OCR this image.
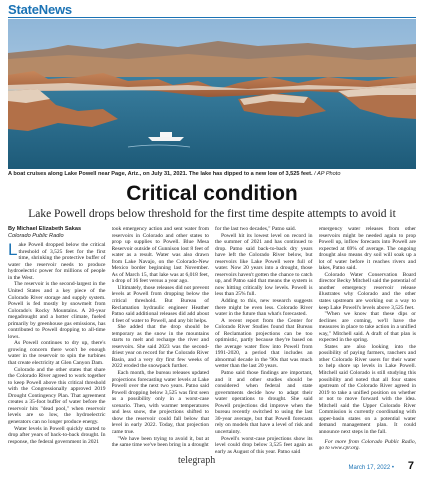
StateNews
A boat cruises along Lake Powell near Page, Ariz., on July 31, 2021. The lake has dipped to a new low of 3,525 feet. / AP Photo
Critical condition
Lake Powell drops below threshold for the first time despite attempts to avoid it
By Michael Elizabeth Sakas
Colorado Public Radio

Lake Powell dropped below the critical threshold of 3,525 feet for the first time, shrinking the protective buffer of water the reservoir needs to produce hydroelectric power for millions of people in the West.

The reservoir is the second-largest in the United States and a key piece of the Colorado River storage and supply system. Powell is fed mostly by snowmelt from Colorado's Rocky Mountains. A 20-year megadrought and a hotter climate, fueled primarily by greenhouse gas emissions, has contributed to Powell dropping to all-time lows.

As Powell continues to dry up, there's growing concern there won't be enough water in the reservoir to spin the turbines that create electricity at Glen Canyon Dam.

Colorado and the other states that share the Colorado River agreed to work together to keep Powell above this critical threshold with the Congressionally approved 2019 Drought Contingency Plan. That agreement creates a 35-foot buffer of water before the reservoir hits "dead pool," when reservoir levels are so low, the hydroelectric generators can no longer produce energy.

Water levels in Powell quickly started to drop after years of back-to-back drought. In response, the federal government in 2021

took emergency action and sent water from reservoirs in Colorado and other states to prop up supplies to Powell. Blue Mesa Reservoir outside of Gunnison lost 8 feet of water as a result. Water was also drawn from Lake Navajo, on the Colorado-New Mexico border beginning last November. As of March 15, that lake was at 6,018 feet, a drop of 16 feet versus a year ago.

Ultimately, those releases did not prevent levels at Powell from dropping below the critical threshold. But Bureau of Reclamation hydraulic engineer Heather Patno said additional releases did add about 4 feet of water to Powell, and any bit helps.

She added that the drop should be temporary as the snow in the mountains starts to melt and recharge the river and reservoirs. She said 2023 was the second-driest year on record for the Colorado River Basin, and a very dry first few weeks of 2022 eroded the snowpack further.

Each month, the bureau releases updated projections forecasting water levels at Lake Powell over the next two years. Patno said Powell dropping below 3,525 was first seen as a possibility only in a worst-case scenario. Then, with warmer temperatures and less snow, the projections shifted to show the reservoir could fall below that level in early 2022. Today, that projection came true.

"We have been trying to avoid it, but at the same time we've been bring in a drought

for the last two decades," Patno said.

Powell hit its lowest level on record in the summer of 2021 and has continued to drop. Patno said back-to-back dry years have left the Colorado River below, but reservoirs like Lake Powell were full of water. Now 20 years into a drought, those reservoirs haven't gotten the chance to catch up, and Patno said that means the system is now hitting critically low levels. Powell is less than 25% full.

Adding to this, new research suggests there might be even less. Colorado River water in the future than what's forecasted.

A recent report from the Center for Colorado River Studies found that Bureau of Reclamation projections can be too optimistic, partly because they're based on the average water flow into Powell from 1991-2020, a period that includes an abnormal decade in the '90s that was much wetter than the last 20 years.

Patno said those findings are important, and it and other studies should be considered when federal and state governments decide how to adapt their water operations to drought. She said Powell projections did improve when the bureau recently switched to using the last 30-year average, but that Powell forecasts rely on models that have a level of risk and uncertainty.

Powell's worst-case projections show its level could drop below 3,525 feet again as early as August of this year. Patno said

emergency water releases from other reservoirs might be needed again to prop Powell up, inflow forecasts into Powell are expected at 69% of average. The ongoing drought also means dry soil will soak up a lot of water before it reaches rivers and lakes, Patno said.

Colorado Water Conservation Board director Becky Mitchell said the potential of another emergency reservoir release illustrates why Colorado and the other states upstream are working out a way to keep Lake Powell's levels above 3,525 feet.

"When we know that these dips or declines are coming, we'll have the measures in place to take action in a unified way," Mitchell said. A draft of that plan is expected in the spring.

States are also looking into the possibility of paying farmers, ranchers and other Colorado River users for their water to help shore up levels in Lake Powell. Mitchell said Colorado is still studying this possibility and noted that all four states upstream of the Colorado River agreed in 2019 to take a unified position on whether or not to move forward with the idea. Mitchell said the Upper Colorado River Commission is currently coordinating with upper-basin states on a potential water demand management plan. It could announce next steps in the fall.

For more from Colorado Public Radio, go to www.cpr.org.

telegraph
March 17, 2022 • 7
